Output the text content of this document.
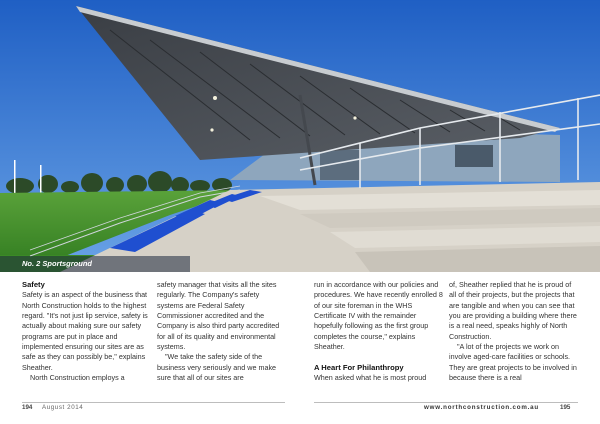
No. 2 Sportsground
Safety

Safety is an aspect of the business that North Construction holds to the highest regard. "It's not just lip service, safety is actually about making sure our safety programs are put in place and implemented ensuring our sites are as safe as they can possibly be," explains Sheather.

North Construction employs a

safety manager that visits all the sites regularly. The Company's safety systems are Federal Safety Commissioner accredited and the Company is also third party accredited for all of its quality and environmental systems.

"We take the safety side of the business very seriously and we make sure that all of our sites are

run in accordance with our policies and procedures. We have recently enrolled 8 of our site foreman in the WHS Certificate IV with the remainder hopefully following as the first group completes the course," explains Sheather.

A Heart For Philanthropy

When asked what he is most proud

of, Sheather replied that he is proud of all of their projects, but the projects that are tangible and when you can see that you are providing a building where there is a real need, speaks highly of North Construction.

"A lot of the projects we work on involve aged-care facilities or schools. They are great projects to be involved in because there is a real

194 August 2014	www.northconstruction.com.au	195
